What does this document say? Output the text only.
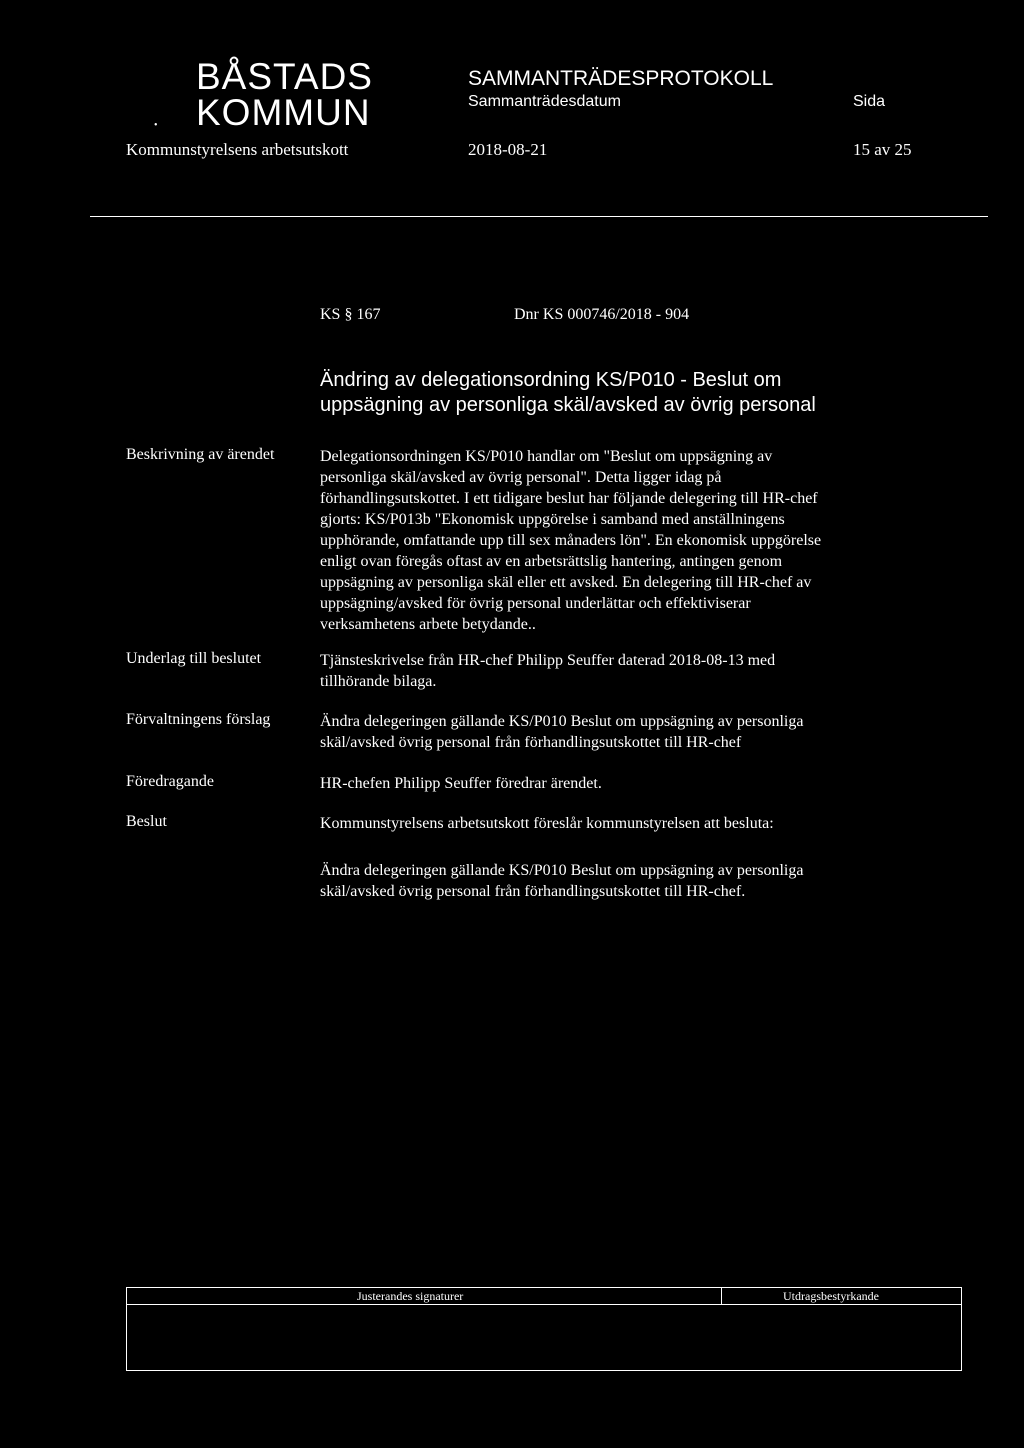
BÅSTADS
KOMMUN
•
SAMMANTRÄDESPROTOKOLL
Sammanträdesdatum	Sida
Kommunstyrelsens arbetsutskott	2018-08-21	15 av 25
KS § 167	Dnr KS 000746/2018 - 904
Ändring av delegationsordning KS/P010 - Beslut om
uppsägning av personliga skäl/avsked av övrig personal
Beskrivning av ärendet	Delegationsordningen KS/P010 handlar om "Beslut om uppsägning av
personliga skäl/avsked av övrig personal". Detta ligger idag på
förhandlingsutskottet. I ett tidigare beslut har följande delegering till HR-chef
gjorts: KS/P013b "Ekonomisk uppgörelse i samband med anställningens
upphörande, omfattande upp till sex månaders lön". En ekonomisk uppgörelse
enligt ovan föregås oftast av en arbetsrättslig hantering, antingen genom
uppsägning av personliga skäl eller ett avsked. En delegering till HR-chef av
uppsägning/avsked för övrig personal underlättar och effektiviserar
verksamhetens arbete betydande..
Underlag till beslutet	Tjänsteskrivelse från HR-chef Philipp Seuffer daterad 2018-08-13 med
tillhörande bilaga.
Förvaltningens förslag	Ändra delegeringen gällande KS/P010 Beslut om uppsägning av personliga
skäl/avsked övrig personal från förhandlingsutskottet till HR-chef
Föredragande	HR-chefen Philipp Seuffer föredrar ärendet.
Beslut	Kommunstyrelsens arbetsutskott föreslår kommunstyrelsen att besluta:
Ändra delegeringen gällande KS/P010 Beslut om uppsägning av personliga
skäl/avsked övrig personal från förhandlingsutskottet till HR-chef.
Justerandes signaturer	Utdragsbestyrkande
